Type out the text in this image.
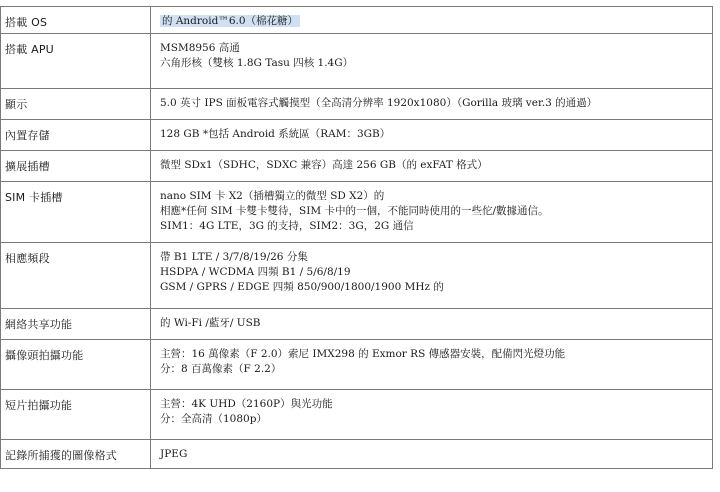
搭載 OS	的 Android™6.0（棉花糖）

搭載 APU	MSM8956 高通
六角形核（雙核 1.8G Tasu 四核 1.4G）

顯示	5.0 英寸 IPS 面板電容式觸摸型（全高清分辨率 1920x1080）（Gorilla 玻璃 ver.3 的通過）

內置存儲	128 GB *包括 Android 系統區（RAM：3GB）

擴展插槽	微型 SDx1（SDHC，SDXC 兼容）高達 256 GB（的 exFAT 格式）

SIM 卡插槽	nano SIM 卡 X2（插槽獨立的微型 SD X2）的
相應*任何 SIM 卡雙卡雙待，SIM 卡中的一個，不能同時使用的一些佗/數據通信。
SIM1：4G LTE，3G 的支持，SIM2：3G，2G 通信

相應頻段	帶 B1 LTE / 3/7/8/19/26 分集
HSDPA / WCDMA 四頻 B1 / 5/6/8/19
GSM / GPRS / EDGE 四頻 850/900/1800/1900 MHz 的

網絡共享功能	的 Wi-Fi /藍牙/ USB

攝像頭拍攝功能	主營：16 萬像素（F 2.0）索尼 IMX298 的 Exmor RS 傳感器安裝，配備閃光燈功能
分：8 百萬像素（F 2.2）

短片拍攝功能	主營：4K UHD（2160P）與光功能
分：全高清（1080p）

記錄所捕獲的圖像格式	JPEG
